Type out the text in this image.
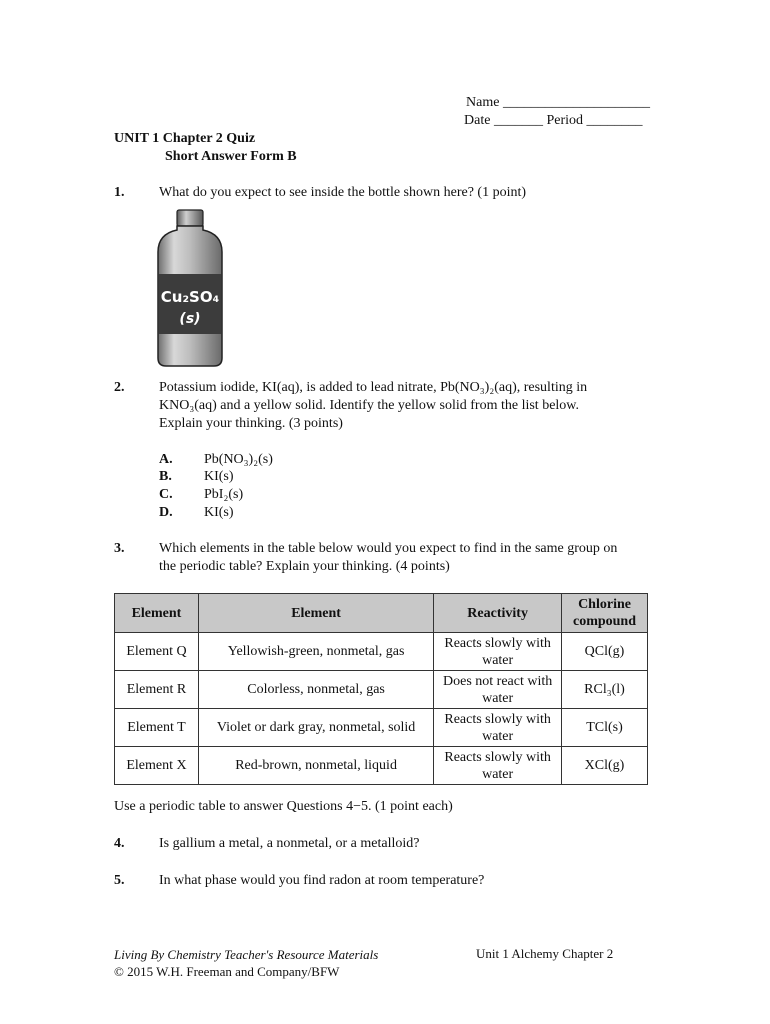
Name _____________________
Date _______ Period ________
UNIT 1 Chapter 2 Quiz
Short Answer Form B
1. What do you expect to see inside the bottle shown here? (1 point)
Cu₂SO₄
(s)
2. Potassium iodide, KI(aq), is added to lead nitrate, Pb(NO₃)₂(aq), resulting in
KNO₃(aq) and a yellow solid. Identify the yellow solid from the list below.
Explain your thinking. (3 points)
A. Pb(NO₃)₂(s)
B. KI(s)
C. PbI₂(s)
D. KI(s)
3. Which elements in the table below would you expect to find in the same group on
the periodic table? Explain your thinking. (4 points)
Element	Element	Reactivity	Chlorine compound
Element Q	Yellowish-green, nonmetal, gas	Reacts slowly with water	QCl(g)
Element R	Colorless, nonmetal, gas	Does not react with water	RCl₃(l)
Element T	Violet or dark gray, nonmetal, solid	Reacts slowly with water	TCl(s)
Element X	Red-brown, nonmetal, liquid	Reacts slowly with water	XCl(g)
Use a periodic table to answer Questions 4−5. (1 point each)
4. Is gallium a metal, a nonmetal, or a metalloid?
5. In what phase would you find radon at room temperature?
Living By Chemistry Teacher's Resource Materials
© 2015 W.H. Freeman and Company/BFW
Unit 1 Alchemy Chapter 2
